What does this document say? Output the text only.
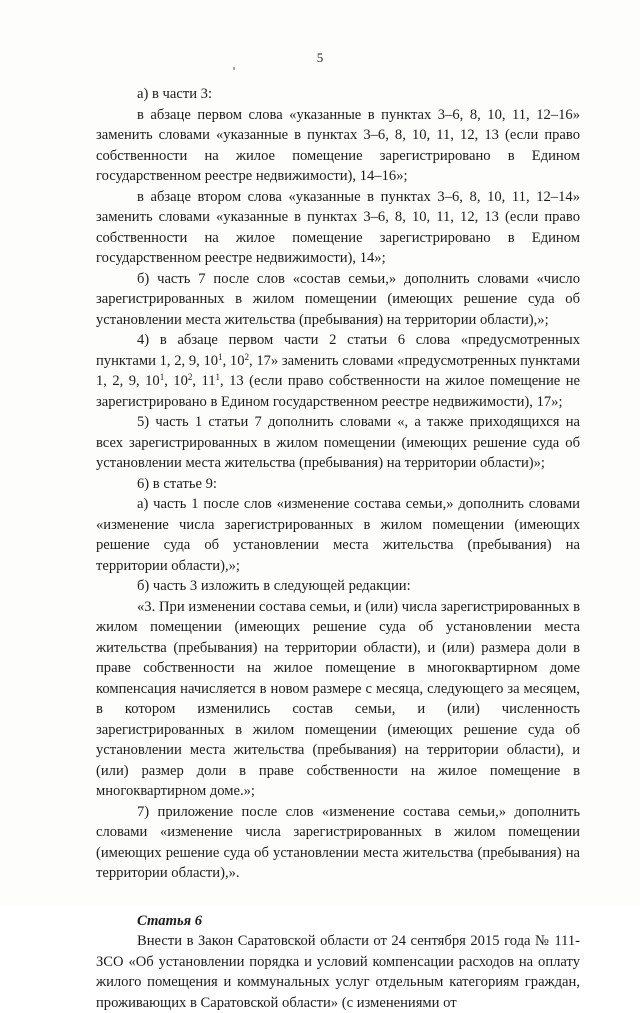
5

а) в части 3:

в абзаце первом слова «указанные в пунктах 3–6, 8, 10, 11, 12–16» заменить словами «указанные в пунктах 3–6, 8, 10, 11, 12, 13 (если право собственности на жилое помещение зарегистрировано в Едином государственном реестре недвижимости), 14–16»;

в абзаце втором слова «указанные в пунктах 3–6, 8, 10, 11, 12–14» заменить словами «указанные в пунктах 3–6, 8, 10, 11, 12, 13 (если право собственности на жилое помещение зарегистрировано в Едином государственном реестре недвижимости), 14»;

б) часть 7 после слов «состав семьи,» дополнить словами «число зарегистрированных в жилом помещении (имеющих решение суда об установлении места жительства (пребывания) на территории области),»;

4) в абзаце первом части 2 статьи 6 слова «предусмотренных пунктами 1, 2, 9, $10^1$, $10^2$, 17» заменить словами «предусмотренных пунктами 1, 2, 9, $10^1$, $10^2$, $11^1$, 13 (если право собственности на жилое помещение не зарегистрировано в Едином государственном реестре недвижимости), 17»;

5) часть 1 статьи 7 дополнить словами «, а также приходящихся на всех зарегистрированных в жилом помещении (имеющих решение суда об установлении места жительства (пребывания) на территории области)»;

6) в статье 9:

а) часть 1 после слов «изменение состава семьи,» дополнить словами «изменение числа зарегистрированных в жилом помещении (имеющих решение суда об установлении места жительства (пребывания) на территории области),»;

б) часть 3 изложить в следующей редакции:

«3. При изменении состава семьи, и (или) числа зарегистрированных в жилом помещении (имеющих решение суда об установлении места жительства (пребывания) на территории области), и (или) размера доли в праве собственности на жилое помещение в многоквартирном доме компенсация начисляется в новом размере с месяца, следующего за месяцем, в котором изменились состав семьи, и (или) численность зарегистрированных в жилом помещении (имеющих решение суда об установлении места жительства (пребывания) на территории области), и (или) размер доли в праве собственности на жилое помещение в многоквартирном доме.»;

7) приложение после слов «изменение состава семьи,» дополнить словами «изменение числа зарегистрированных в жилом помещении (имеющих решение суда об установлении места жительства (пребывания) на территории области),».

Статья 6

Внести в Закон Саратовской области от 24 сентября 2015 года № 111-ЗСО «Об установлении порядка и условий компенсации расходов на оплату жилого помещения и коммунальных услуг отдельным категориям граждан, проживающих в Саратовской области» (с изменениями от
